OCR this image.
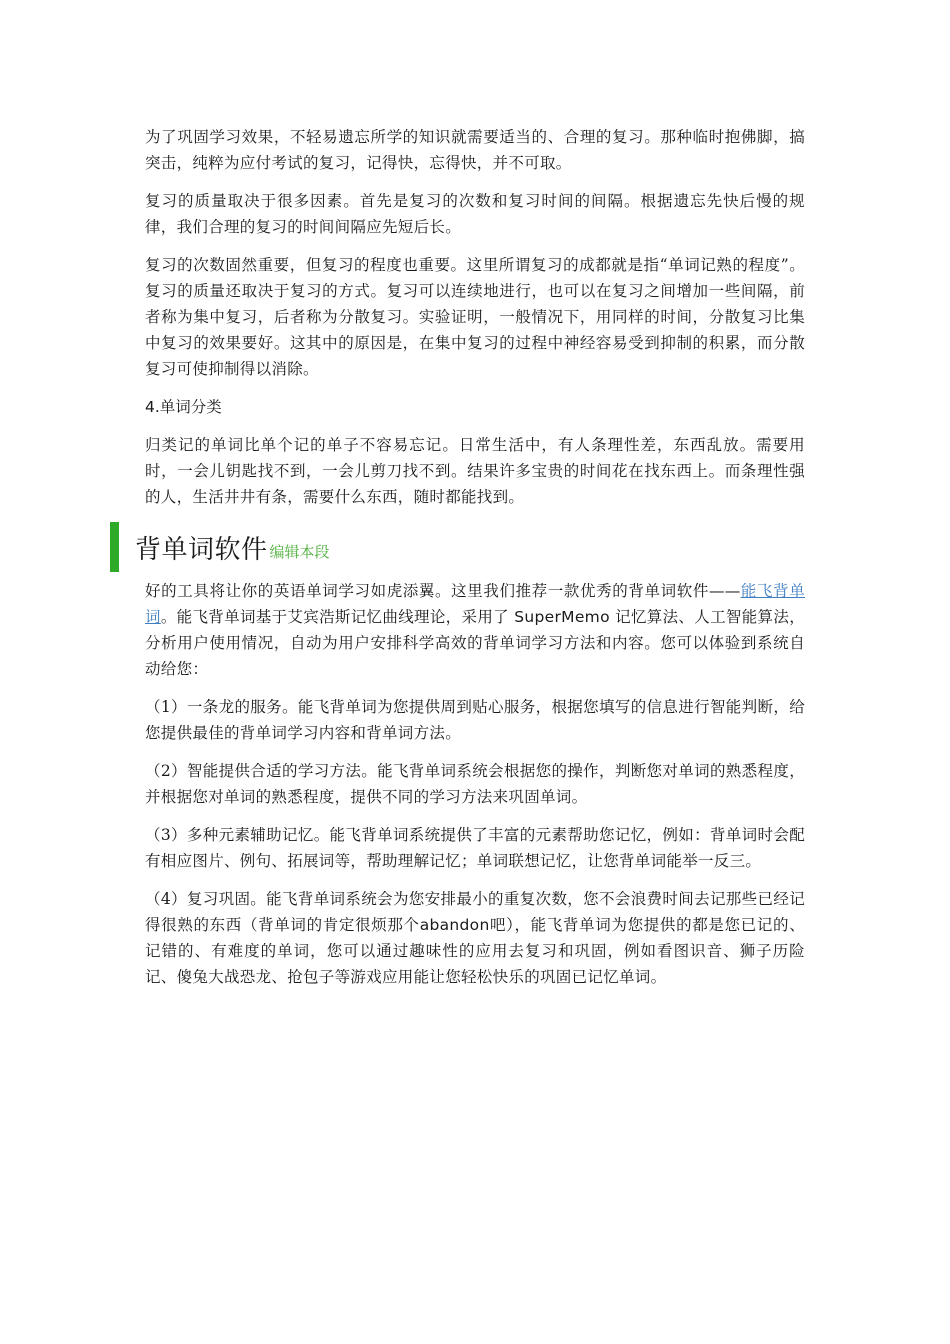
为了巩固学习效果，不轻易遗忘所学的知识就需要适当的、合理的复习。那种临时抱佛脚，搞突击，纯粹为应付考试的复习，记得快，忘得快，并不可取。

复习的质量取决于很多因素。首先是复习的次数和复习时间的间隔。根据遗忘先快后慢的规律，我们合理的复习的时间间隔应先短后长。

复习的次数固然重要，但复习的程度也重要。这里所谓复习的成都就是指“单词记熟的程度”。复习的质量还取决于复习的方式。复习可以连续地进行，也可以在复习之间增加一些间隔，前者称为集中复习，后者称为分散复习。实验证明，一般情况下，用同样的时间，分散复习比集中复习的效果要好。这其中的原因是，在集中复习的过程中神经容易受到抑制的积累，而分散复习可使抑制得以消除。

4.单词分类

归类记的单词比单个记的单子不容易忘记。日常生活中，有人条理性差，东西乱放。需要用时，一会儿钥匙找不到，一会儿剪刀找不到。结果许多宝贵的时间花在找东西上。而条理性强的人，生活井井有条，需要什么东西，随时都能找到。

背单词软件 编辑本段

好的工具将让你的英语单词学习如虎添翼。这里我们推荐一款优秀的背单词软件——能飞背单词。能飞背单词基于艾宾浩斯记忆曲线理论，采用了 SuperMemo 记忆算法、人工智能算法，分析用户使用情况，自动为用户安排科学高效的背单词学习方法和内容。您可以体验到系统自动给您：

（1）一条龙的服务。能飞背单词为您提供周到贴心服务，根据您填写的信息进行智能判断，给您提供最佳的背单词学习内容和背单词方法。

（2）智能提供合适的学习方法。能飞背单词系统会根据您的操作，判断您对单词的熟悉程度，并根据您对单词的熟悉程度，提供不同的学习方法来巩固单词。

（3）多种元素辅助记忆。能飞背单词系统提供了丰富的元素帮助您记忆，例如：背单词时会配有相应图片、例句、拓展词等，帮助理解记忆；单词联想记忆，让您背单词能举一反三。

（4）复习巩固。能飞背单词系统会为您安排最小的重复次数，您不会浪费时间去记那些已经记得很熟的东西（背单词的肯定很烦那个abandon吧），能飞背单词为您提供的都是您已记的、记错的、有难度的单词，您可以通过趣味性的应用去复习和巩固，例如看图识音、狮子历险记、傻兔大战恐龙、抢包子等游戏应用能让您轻松快乐的巩固已记忆单词。
